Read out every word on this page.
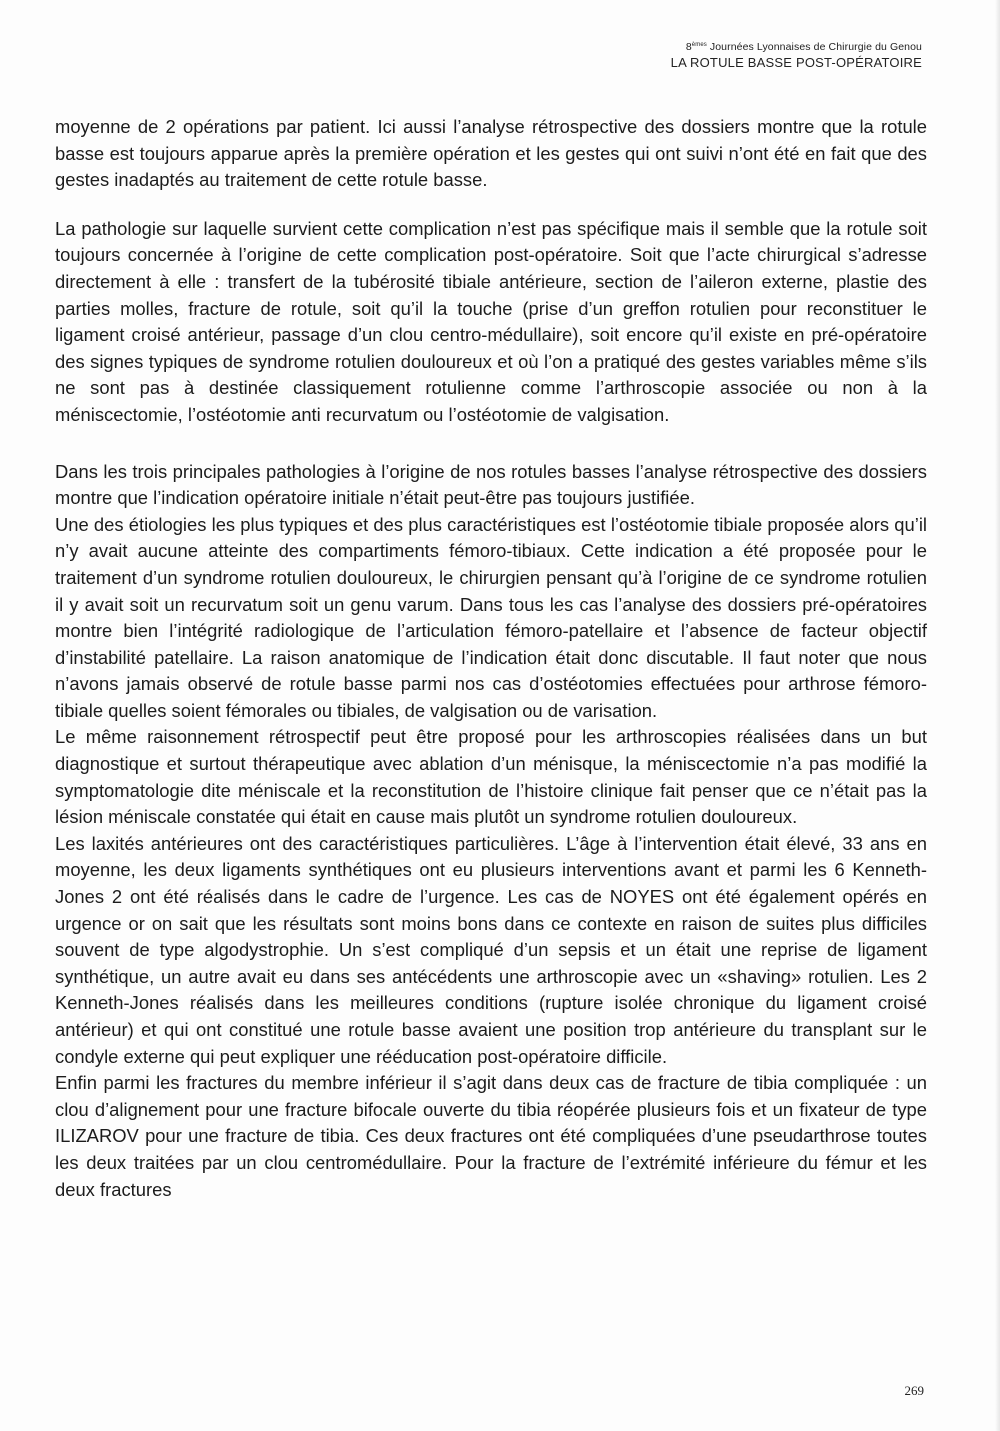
8èmes Journées Lyonnaises de Chirurgie du Genou
LA ROTULE BASSE POST-OPÉRATOIRE

moyenne de 2 opérations par patient. Ici aussi l’analyse rétrospective des dossiers montre que la rotule basse est toujours apparue après la première opération et les gestes qui ont suivi n’ont été en fait que des gestes inadaptés au traitement de cette rotule basse.

La pathologie sur laquelle survient cette complication n’est pas spécifique mais il semble que la rotule soit toujours concernée à l’origine de cette complication post-opératoire. Soit que l’acte chirurgical s’adresse directement à elle : transfert de la tubérosité tibiale antérieure, section de l’aileron externe, plastie des parties molles, fracture de rotule, soit qu’il la touche (prise d’un greffon rotulien pour reconstituer le ligament croisé antérieur, passage d’un clou centro-médullaire), soit encore qu’il existe en pré-opératoire des signes typiques de syndrome rotulien douloureux et où l’on a pratiqué des gestes variables même s’ils ne sont pas à destinée classiquement rotulienne comme l’arthroscopie associée ou non à la méniscectomie, l’ostéotomie anti recurvatum ou l’ostéotomie de valgisation.

Dans les trois principales pathologies à l’origine de nos rotules basses l’analyse rétrospective des dossiers montre que l’indication opératoire initiale n’était peut-être pas toujours justifiée.

Une des étiologies les plus typiques et des plus caractéristiques est l’ostéotomie tibiale proposée alors qu’il n’y avait aucune atteinte des compartiments fémoro-tibiaux. Cette indication a été proposée pour le traitement d’un syndrome rotulien douloureux, le chirurgien pensant qu’à l’origine de ce syndrome rotulien il y avait soit un recurvatum soit un genu varum. Dans tous les cas l’analyse des dossiers pré-opératoires montre bien l’intégrité radiologique de l’articulation fémoro-patellaire et l’absence de facteur objectif d’instabilité patellaire. La raison anatomique de l’indication était donc discutable. Il faut noter que nous n’avons jamais observé de rotule basse parmi nos cas d’ostéotomies effectuées pour arthrose fémoro-tibiale quelles soient fémorales ou tibiales, de valgisation ou de varisation.

Le même raisonnement rétrospectif peut être proposé pour les arthroscopies réalisées dans un but diagnostique et surtout thérapeutique avec ablation d’un ménisque, la méniscectomie n’a pas modifié la symptomatologie dite méniscale et la reconstitution de l’histoire clinique fait penser que ce n’était pas la lésion méniscale constatée qui était en cause mais plutôt un syndrome rotulien douloureux.

Les laxités antérieures ont des caractéristiques particulières. L’âge à l’intervention était élevé, 33 ans en moyenne, les deux ligaments synthétiques ont eu plusieurs interventions avant et parmi les 6 Kenneth-Jones 2 ont été réalisés dans le cadre de l’urgence. Les cas de NOYES ont été également opérés en urgence or on sait que les résultats sont moins bons dans ce contexte en raison de suites plus difficiles souvent de type algodystrophie. Un s’est compliqué d’un sepsis et un était une reprise de ligament synthétique, un autre avait eu dans ses antécédents une arthroscopie avec un «shaving» rotulien. Les 2 Kenneth-Jones réalisés dans les meilleures conditions (rupture isolée chronique du ligament croisé antérieur) et qui ont constitué une rotule basse avaient une position trop antérieure du transplant sur le condyle externe qui peut expliquer une rééducation post-opératoire difficile.

Enfin parmi les fractures du membre inférieur il s’agit dans deux cas de fracture de tibia compliquée : un clou d’alignement pour une fracture bifocale ouverte du tibia réopérée plusieurs fois et un fixateur de type ILIZAROV pour une fracture de tibia. Ces deux fractures ont été compliquées d’une pseudarthrose toutes les deux traitées par un clou centromédullaire. Pour la fracture de l’extrémité inférieure du fémur et les deux fractures

269
